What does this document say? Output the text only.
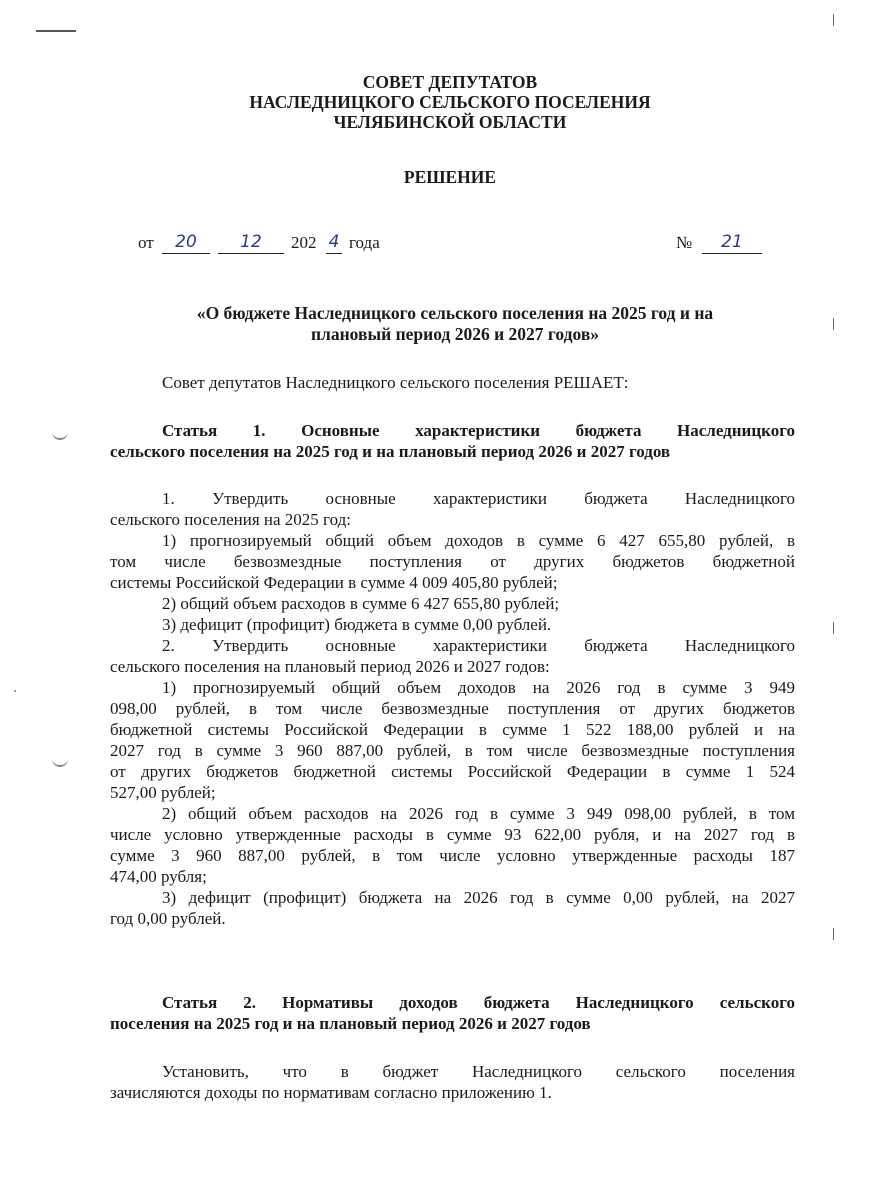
СОВЕТ ДЕПУТАТОВ
НАСЛЕДНИЦКОГО СЕЛЬСКОГО ПОСЕЛЕНИЯ
ЧЕЛЯБИНСКОЙ ОБЛАСТИ
РЕШЕНИЕ
от	20	12	202 4 года	№	21
«О бюджете Наследницкого сельского поселения на 2025 год и на
плановый период 2026 и 2027 годов»
Совет депутатов Наследницкого сельского поселения РЕШАЕТ:
Статья 1. Основные характеристики бюджета Наследницкого
сельского поселения на 2025 год и на плановый период 2026 и 2027 годов
1. Утвердить основные характеристики бюджета Наследницкого
сельского поселения на 2025 год:
1) прогнозируемый общий объем доходов в сумме 6 427 655,80 рублей, в
том числе безвозмездные поступления от других бюджетов бюджетной
системы Российской Федерации в сумме 4 009 405,80 рублей;
2) общий объем расходов в сумме 6 427 655,80 рублей;
3) дефицит (профицит) бюджета в сумме 0,00 рублей.
2. Утвердить основные характеристики бюджета Наследницкого
сельского поселения на плановый период 2026 и 2027 годов:
1) прогнозируемый общий объем доходов на 2026 год в сумме 3 949
098,00 рублей, в том числе безвозмездные поступления от других бюджетов
бюджетной системы Российской Федерации в сумме 1 522 188,00 рублей и на
2027 год в сумме 3 960 887,00 рублей, в том числе безвозмездные поступления
от других бюджетов бюджетной системы Российской Федерации в сумме 1 524
527,00 рублей;
2) общий объем расходов на 2026 год в сумме 3 949 098,00 рублей, в том
числе условно утвержденные расходы в сумме 93 622,00 рубля, и на 2027 год в
сумме 3 960 887,00 рублей, в том числе условно утвержденные расходы 187
474,00 рубля;
3) дефицит (профицит) бюджета на 2026 год в сумме 0,00 рублей, на 2027
год 0,00 рублей.
Статья 2. Нормативы доходов бюджета Наследницкого сельского
поселения на 2025 год и на плановый период 2026 и 2027 годов
Установить, что в бюджет Наследницкого сельского поселения
зачисляются доходы по нормативам согласно приложению 1.
